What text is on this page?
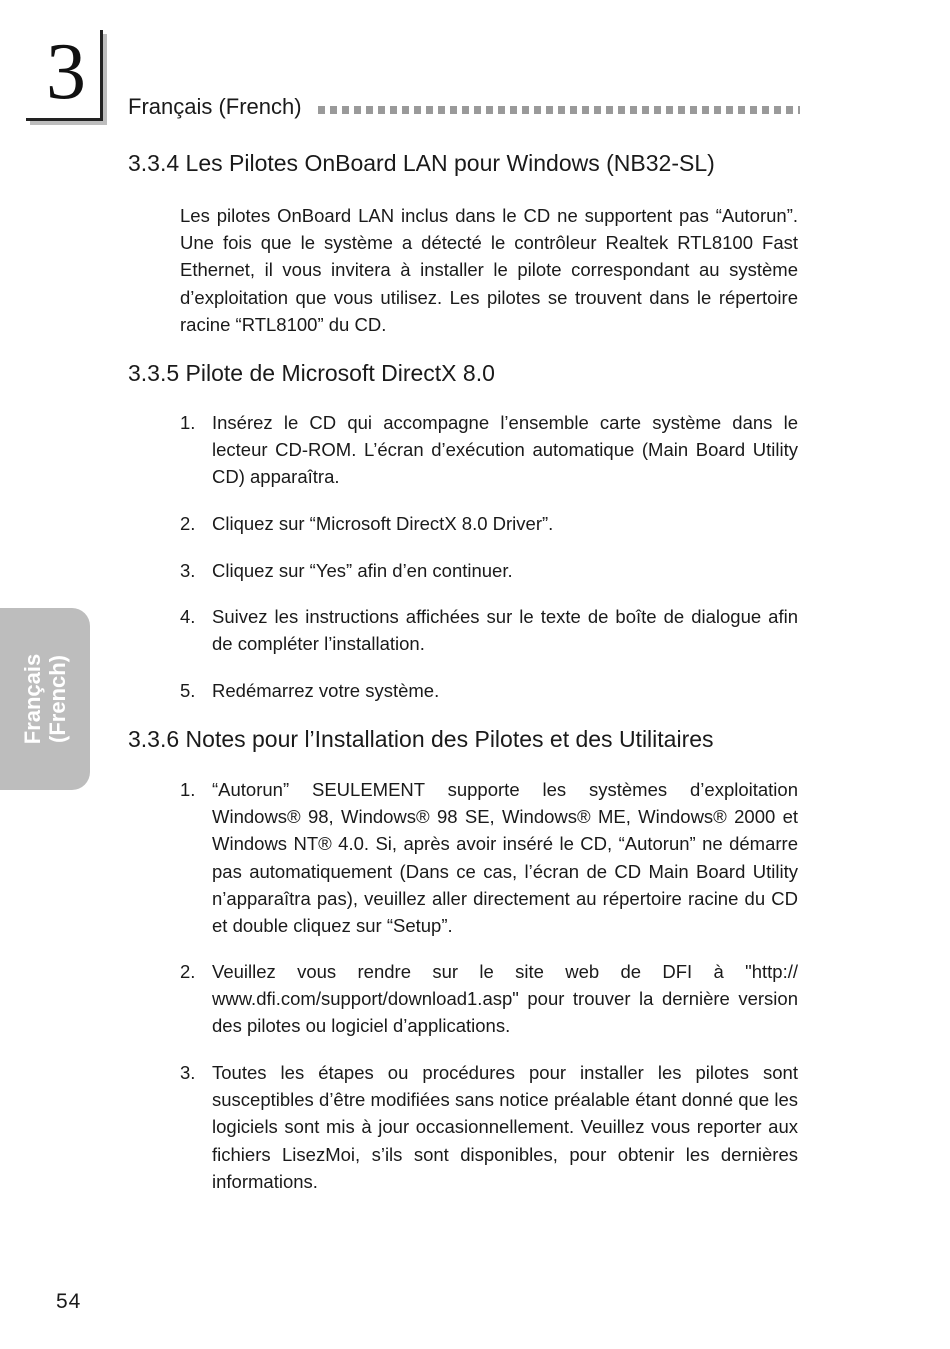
3 Français (French)
Français (French)
3.3.4 Les Pilotes OnBoard LAN pour Windows (NB32-SL)
Les pilotes OnBoard LAN inclus dans le CD ne supportent pas “Autorun”. Une fois que le système a détecté le contrôleur Realtek RTL8100 Fast Ethernet, il vous invitera à installer le pilote correspondant au système d’exploitation que vous utilisez. Les pilotes se trouvent dans le répertoire racine “RTL8100” du CD.
3.3.5 Pilote de Microsoft DirectX 8.0
1. Insérez le CD qui accompagne l’ensemble carte système dans le lecteur CD-ROM. L’écran d’exécution automatique (Main Board Utility CD) apparaîtra.
2. Cliquez sur “Microsoft DirectX 8.0 Driver”.
3. Cliquez sur “Yes” afin d’en continuer.
4. Suivez les instructions affichées sur le texte de boîte de dialogue afin de compléter l’installation.
5. Redémarrez votre système.
3.3.6 Notes pour l’Installation des Pilotes et des Utilitaires
1. “Autorun” SEULEMENT supporte les systèmes d’exploitation Windows® 98, Windows® 98 SE, Windows® ME, Windows® 2000 et Windows NT® 4.0. Si, après avoir inséré le CD, “Autorun” ne démarre pas automatiquement (Dans ce cas, l’écran de CD Main Board Utility n’apparaîtra pas), veuillez aller directement au répertoire racine du CD et double cliquez sur “Setup”.
2. Veuillez vous rendre sur le site web de DFI à "http:// www.dfi.com/support/download1.asp" pour trouver la dernière version des pilotes ou logiciel d’applications.
3. Toutes les étapes ou procédures pour installer les pilotes sont susceptibles d’être modifiées sans notice préalable étant donné que les logiciels sont mis à jour occasionnellement. Veuillez vous reporter aux fichiers LisezMoi, s’ils sont disponibles, pour obtenir les dernières informations.
54
